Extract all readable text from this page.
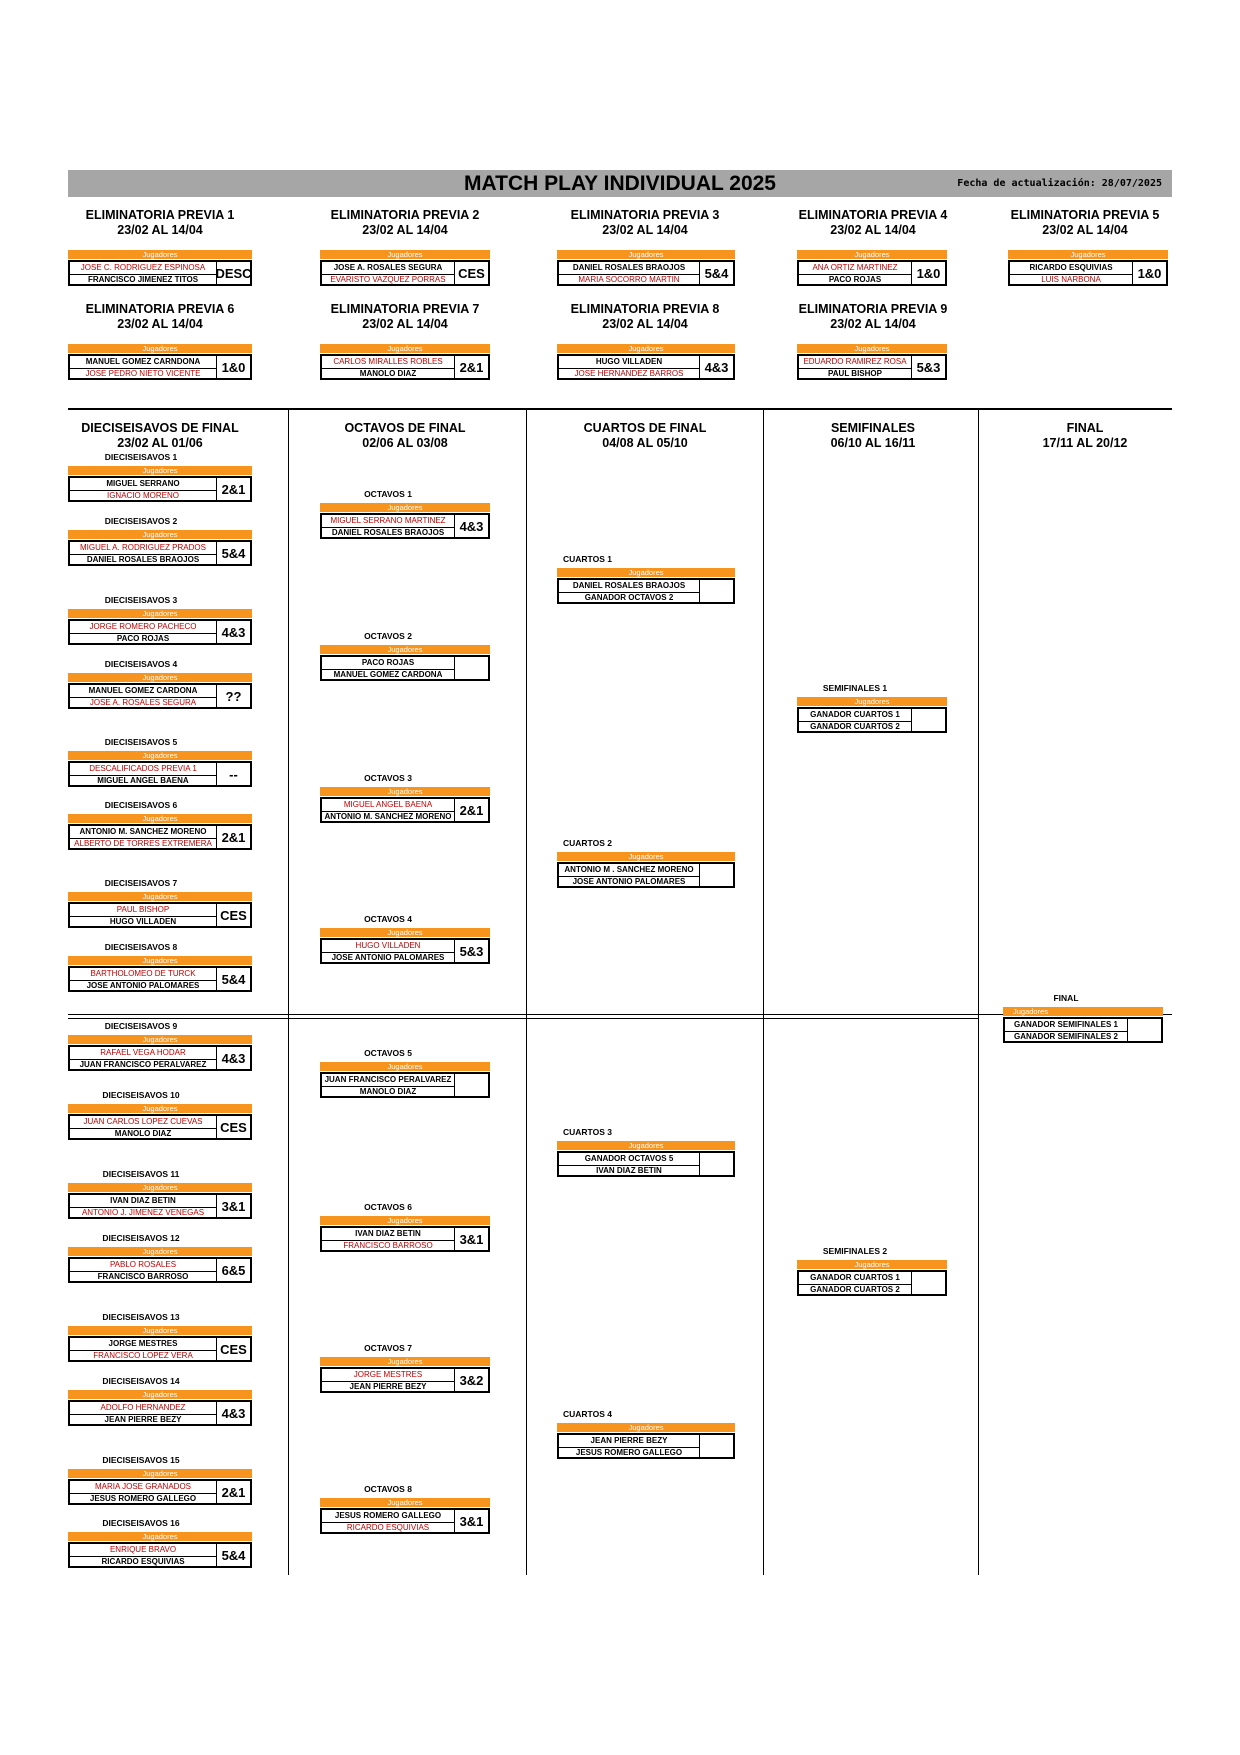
MATCH PLAY INDIVIDUAL 2025	Fecha de actualización: 28/07/2025
ELIMINATORIA PREVIA 1
23/02 AL 14/04
Jugadores
JOSE C. RODRIGUEZ ESPINOSA
FRANCISCO JIMENEZ TITOS	DESC
ELIMINATORIA PREVIA 2
23/02 AL 14/04
Jugadores
JOSE A. ROSALES SEGURA
EVARISTO VAZQUEZ PORRAS CES
ELIMINATORIA PREVIA 3
23/02 AL 14/04
Jugadores
DANIEL ROSALES BRAOJOS
MARIA SOCORRO MARTIN	5&4
ELIMINATORIA PREVIA 4
23/02 AL 14/04
Jugadores
ANA ORTIZ MARTINEZ
PACO ROJAS	1&0
ELIMINATORIA PREVIA 5
23/02 AL 14/04
Jugadores
RICARDO ESQUIVIAS
LUIS NARBONA	1&0
ELIMINATORIA PREVIA 6
23/02 AL 14/04
Jugadores
MANUEL GOMEZ CARNDONA
JOSE PEDRO NIETO VICENTE	1&0
ELIMINATORIA PREVIA 7
23/02 AL 14/04
Jugadores
CARLOS MIRALLES ROBLES
MANOLO DIAZ	2&1
ELIMINATORIA PREVIA 8
23/02 AL 14/04
Jugadores
HUGO VILLADEN
JOSE HERNANDEZ BARROS	4&3
ELIMINATORIA PREVIA 9
23/02 AL 14/04
Jugadores
EDUARDO RAMIREZ ROSA
PAUL BISHOP	5&3
DIECISEISAVOS DE FINAL
23/02 AL 01/06
OCTAVOS DE FINAL
02/06 AL 03/08
CUARTOS DE FINAL
04/08 AL 05/10
SEMIFINALES
06/10 AL 16/11
FINAL
17/11 AL 20/12
DIECISEISAVOS 1
Jugadores
MIGUEL SERRANO
IGNACIO MORENO	2&1
DIECISEISAVOS 2
Jugadores
MIGUEL A. RODRIGUEZ PRADOS
DANIEL ROSALES BRAOJOS	5&4
DIECISEISAVOS 3
Jugadores
JORGE ROMERO PACHECO
PACO ROJAS	4&3
DIECISEISAVOS 4
Jugadores
MANUEL GOMEZ CARDONA
JOSE A. ROSALES SEGURA	??
DIECISEISAVOS 5
Jugadores
DESCALIFICADOS PREVIA 1
MIGUEL ANGEL BAENA	--
DIECISEISAVOS 6
Jugadores
ANTONIO M. SANCHEZ MORENO
ALBERTO DE TORRES EXTREMERA 2&1
DIECISEISAVOS 7
Jugadores
PAUL BISHOP
HUGO VILLADEN	CES
DIECISEISAVOS 8
Jugadores
BARTHOLOMEO DE TURCK
JOSE ANTONIO PALOMARES	5&4
DIECISEISAVOS 9
Jugadores
RAFAEL VEGA HODAR
JUAN FRANCISCO PERALVAREZ	4&3
DIECISEISAVOS 10
Jugadores
JUAN CARLOS LOPEZ CUEVAS
MANOLO DIAZ	CES
DIECISEISAVOS 11
Jugadores
IVAN DIAZ BETIN
ANTONIO J. JIMENEZ VENEGAS	3&1
DIECISEISAVOS 12
Jugadores
PABLO ROSALES
FRANCISCO BARROSO	6&5
DIECISEISAVOS 13
Jugadores
JORGE MESTRES
FRANCISCO LOPEZ VERA	CES
DIECISEISAVOS 14
Jugadores
ADOLFO HERNANDEZ
JEAN PIERRE BEZY	4&3
DIECISEISAVOS 15
Jugadores
MARIA JOSE GRANADOS
JESUS ROMERO GALLEGO	2&1
DIECISEISAVOS 16
Jugadores
ENRIQUE BRAVO
RICARDO ESQUIVIAS	5&4
OCTAVOS 1
Jugadores
MIGUEL SERRANO MARTINEZ
DANIEL ROSALES BRAOJOS	4&3
OCTAVOS 2
Jugadores
PACO ROJAS
MANUEL GOMEZ CARDONA
OCTAVOS 3
Jugadores
MIGUEL ANGEL BAENA
ANTONIO M. SANCHEZ MORENO 2&1
OCTAVOS 4
Jugadores
HUGO VILLADEN
JOSE ANTONIO PALOMARES	5&3
OCTAVOS 5
Jugadores
JUAN FRANCISCO PERALVAREZ
MANOLO DIAZ
OCTAVOS 6
Jugadores
IVAN DIAZ BETIN
FRANCISCO BARROSO	3&1
OCTAVOS 7
Jugadores
JORGE MESTRES
JEAN PIERRE BEZY	3&2
OCTAVOS 8
Jugadores
JESUS ROMERO GALLEGO
RICARDO ESQUIVIAS	3&1
CUARTOS 1
Jugadores
DANIEL ROSALES BRAOJOS
GANADOR OCTAVOS 2
CUARTOS 2
Jugadores
ANTONIO M . SANCHEZ MORENO
JOSE ANTONIO PALOMARES
CUARTOS 3
Jugadores
GANADOR OCTAVOS 5
IVAN DIAZ BETIN
CUARTOS 4
Jugadores
JEAN PIERRE BEZY
JESUS ROMERO GALLEGO
SEMIFINALES 1
Jugadores
GANADOR CUARTOS 1
GANADOR CUARTOS 2
SEMIFINALES 2
Jugadores
GANADOR CUARTOS 1
GANADOR CUARTOS 2
FINAL
Jugadores
GANADOR SEMIFINALES 1
GANADOR SEMIFINALES 2
